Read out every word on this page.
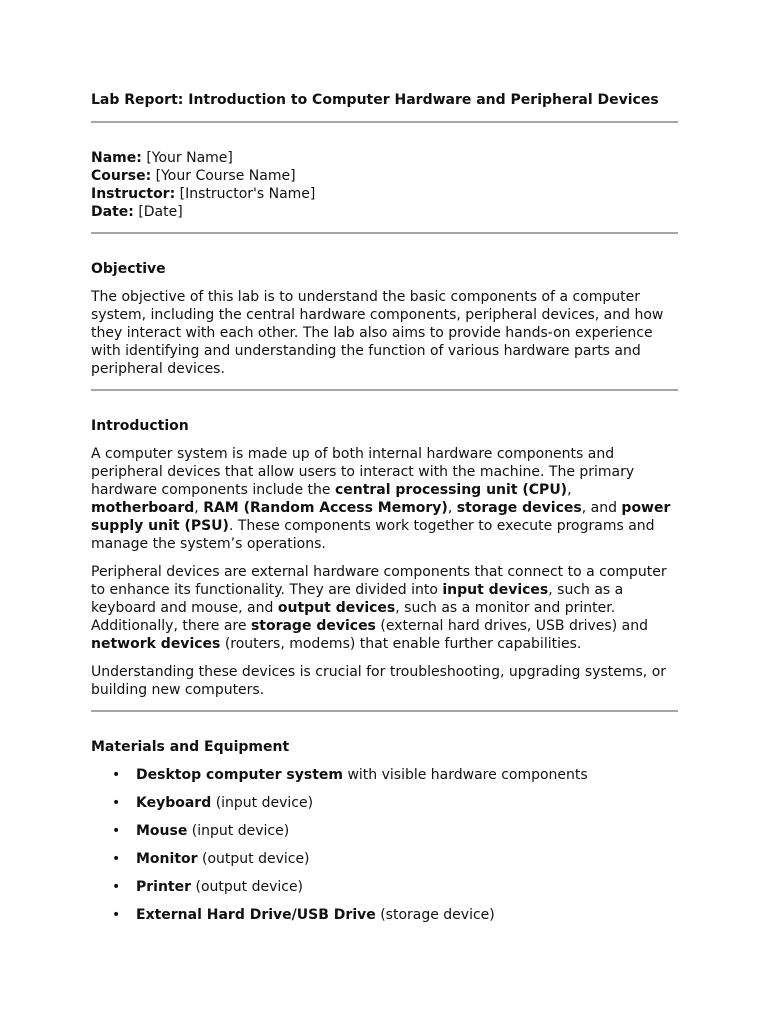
Lab Report: Introduction to Computer Hardware and Peripheral Devices
Name: [Your Name]
Course: [Your Course Name]
Instructor: [Instructor's Name]
Date: [Date]
Objective

The objective of this lab is to understand the basic components of a computer system, including the central hardware components, peripheral devices, and how they interact with each other. The lab also aims to provide hands-on experience with identifying and understanding the function of various hardware parts and peripheral devices.

Introduction

A computer system is made up of both internal hardware components and peripheral devices that allow users to interact with the machine. The primary hardware components include the central processing unit (CPU), motherboard, RAM (Random Access Memory), storage devices, and power supply unit (PSU). These components work together to execute programs and manage the system’s operations.

Peripheral devices are external hardware components that connect to a computer to enhance its functionality. They are divided into input devices, such as a keyboard and mouse, and output devices, such as a monitor and printer. Additionally, there are storage devices (external hard drives, USB drives) and network devices (routers, modems) that enable further capabilities.

Understanding these devices is crucial for troubleshooting, upgrading systems, or building new computers.

Materials and Equipment
• Desktop computer system with visible hardware components
• Keyboard (input device)
• Mouse (input device)
• Monitor (output device)
• Printer (output device)
• External Hard Drive/USB Drive (storage device)
